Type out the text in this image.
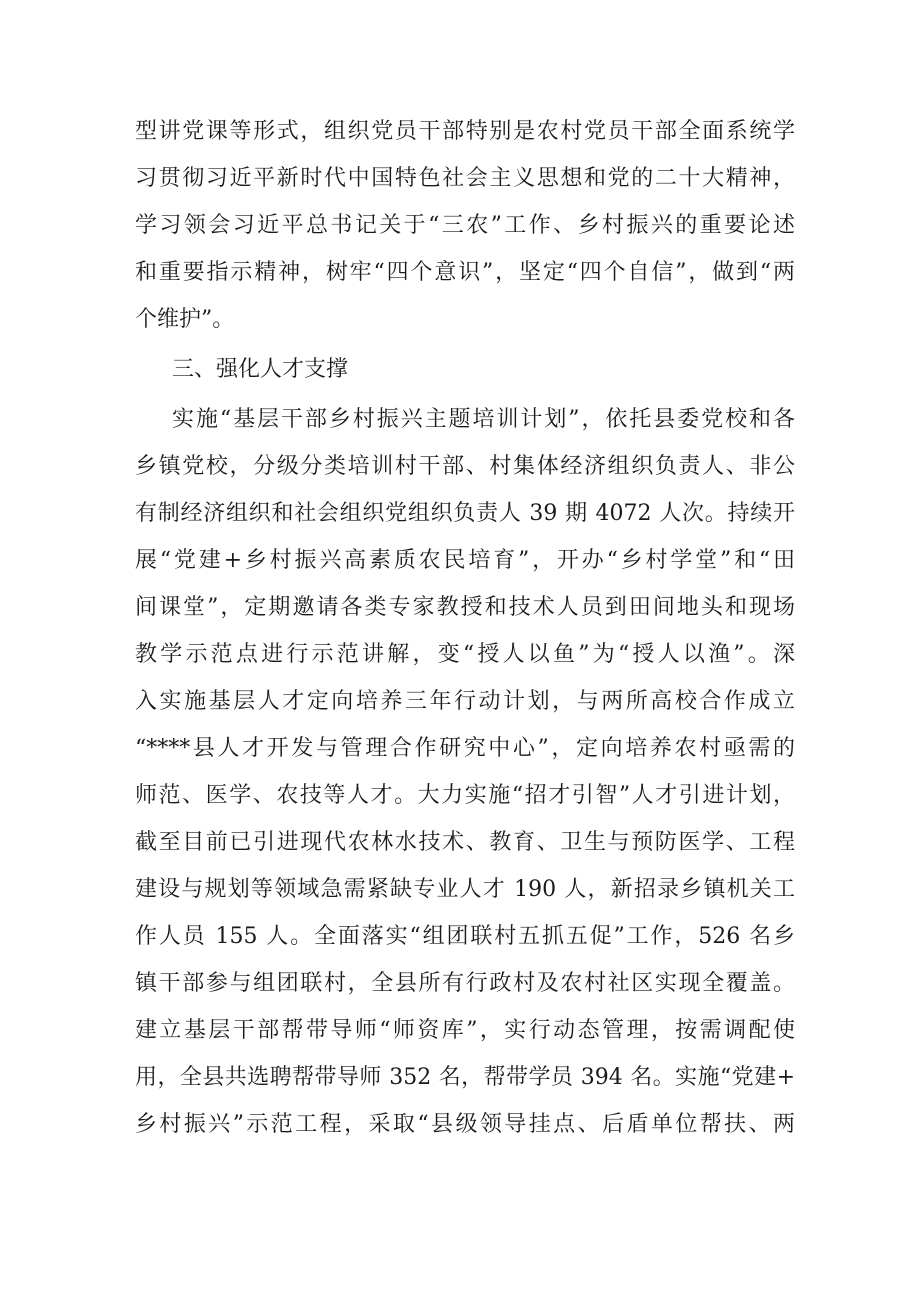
型讲党课等形式，组织党员干部特别是农村党员干部全面系统学
习贯彻习近平新时代中国特色社会主义思想和党的二十大精神，
学习领会习近平总书记关于“三农”工作、乡村振兴的重要论述
和重要指示精神，树牢“四个意识”，坚定“四个自信”，做到“两
个维护”。
三、强化人才支撑
实施“基层干部乡村振兴主题培训计划”，依托县委党校和各
乡镇党校，分级分类培训村干部、村集体经济组织负责人、非公
有制经济组织和社会组织党组织负责人 39 期 4072 人次。持续开
展“党建+乡村振兴高素质农民培育”，开办“乡村学堂”和“田
间课堂”，定期邀请各类专家教授和技术人员到田间地头和现场
教学示范点进行示范讲解，变“授人以鱼”为“授人以渔”。深
入实施基层人才定向培养三年行动计划，与两所高校合作成立
“****县人才开发与管理合作研究中心”，定向培养农村亟需的
师范、医学、农技等人才。大力实施“招才引智”人才引进计划，
截至目前已引进现代农林水技术、教育、卫生与预防医学、工程
建设与规划等领域急需紧缺专业人才 190 人，新招录乡镇机关工
作人员 155 人。全面落实“组团联村五抓五促”工作，526 名乡
镇干部参与组团联村，全县所有行政村及农村社区实现全覆盖。
建立基层干部帮带导师“师资库”，实行动态管理，按需调配使
用，全县共选聘帮带导师 352 名，帮带学员 394 名。实施“党建+
乡村振兴”示范工程，采取“县级领导挂点、后盾单位帮扶、两
